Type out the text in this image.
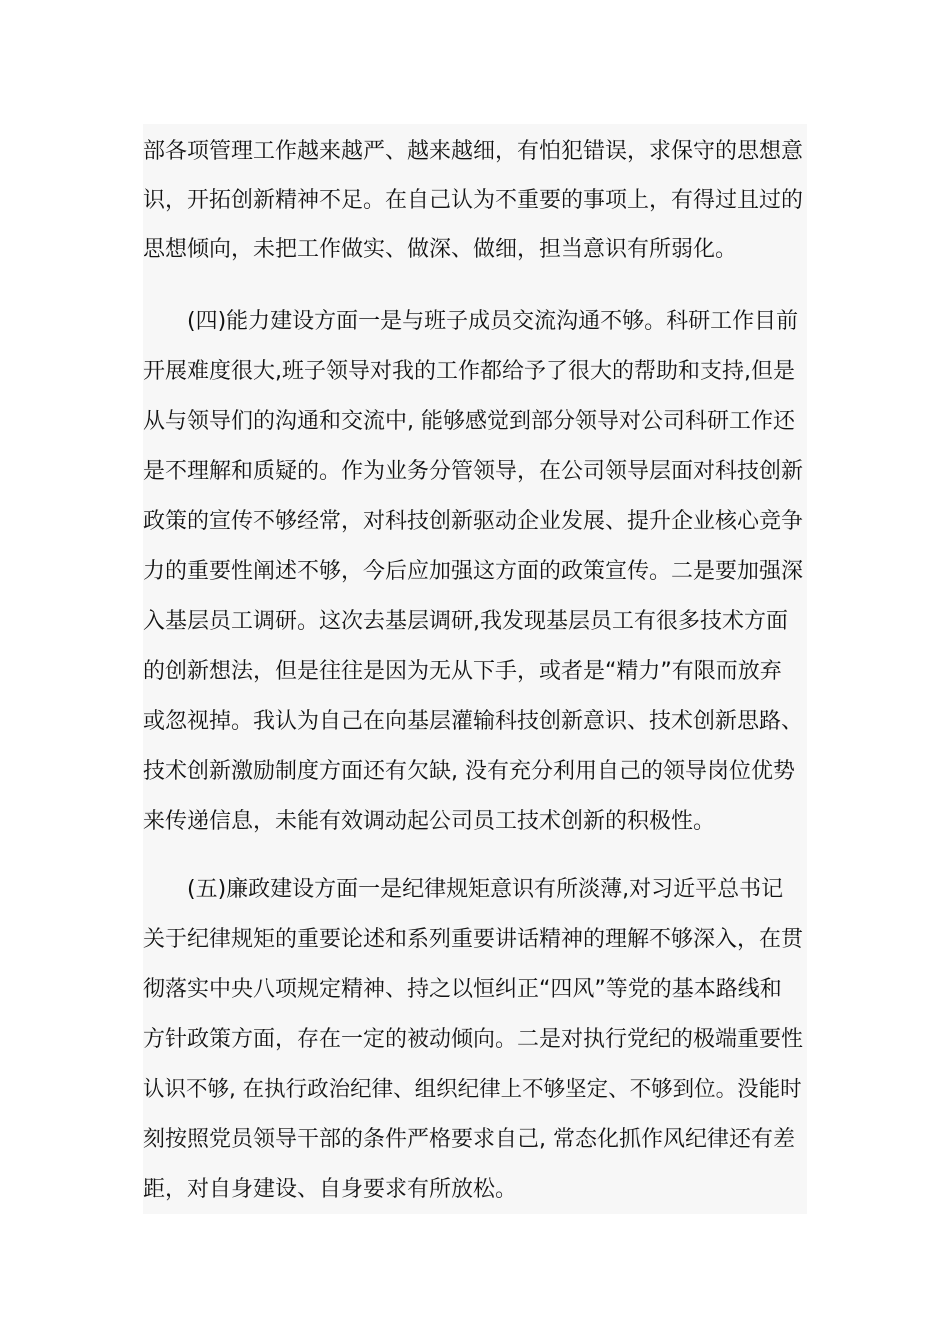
部各项管理工作越来越严、越来越细，有怕犯错误，求保守的思想意
识，开拓创新精神不足。在自己认为不重要的事项上，有得过且过的
思想倾向，未把工作做实、做深、做细，担当意识有所弱化。
(四)能力建设方面一是与班子成员交流沟通不够。科研工作目前
开展难度很大,班子领导对我的工作都给予了很大的帮助和支持,但是
从与领导们的沟通和交流中, 能够感觉到部分领导对公司科研工作还
是不理解和质疑的。作为业务分管领导，在公司领导层面对科技创新
政策的宣传不够经常，对科技创新驱动企业发展、提升企业核心竞争
力的重要性阐述不够，今后应加强这方面的政策宣传。二是要加强深
入基层员工调研。这次去基层调研,我发现基层员工有很多技术方面
的创新想法，但是往往是因为无从下手，或者是“精力”有限而放弃
或忽视掉。我认为自己在向基层灌输科技创新意识、技术创新思路、
技术创新激励制度方面还有欠缺, 没有充分利用自己的领导岗位优势
来传递信息，未能有效调动起公司员工技术创新的积极性。
(五)廉政建设方面一是纪律规矩意识有所淡薄,对习近平总书记
关于纪律规矩的重要论述和系列重要讲话精神的理解不够深入，在贯
彻落实中央八项规定精神、持之以恒纠正“四风”等党的基本路线和
方针政策方面，存在一定的被动倾向。二是对执行党纪的极端重要性
认识不够, 在执行政治纪律、组织纪律上不够坚定、不够到位。没能时
刻按照党员领导干部的条件严格要求自己, 常态化抓作风纪律还有差
距，对自身建设、自身要求有所放松。
